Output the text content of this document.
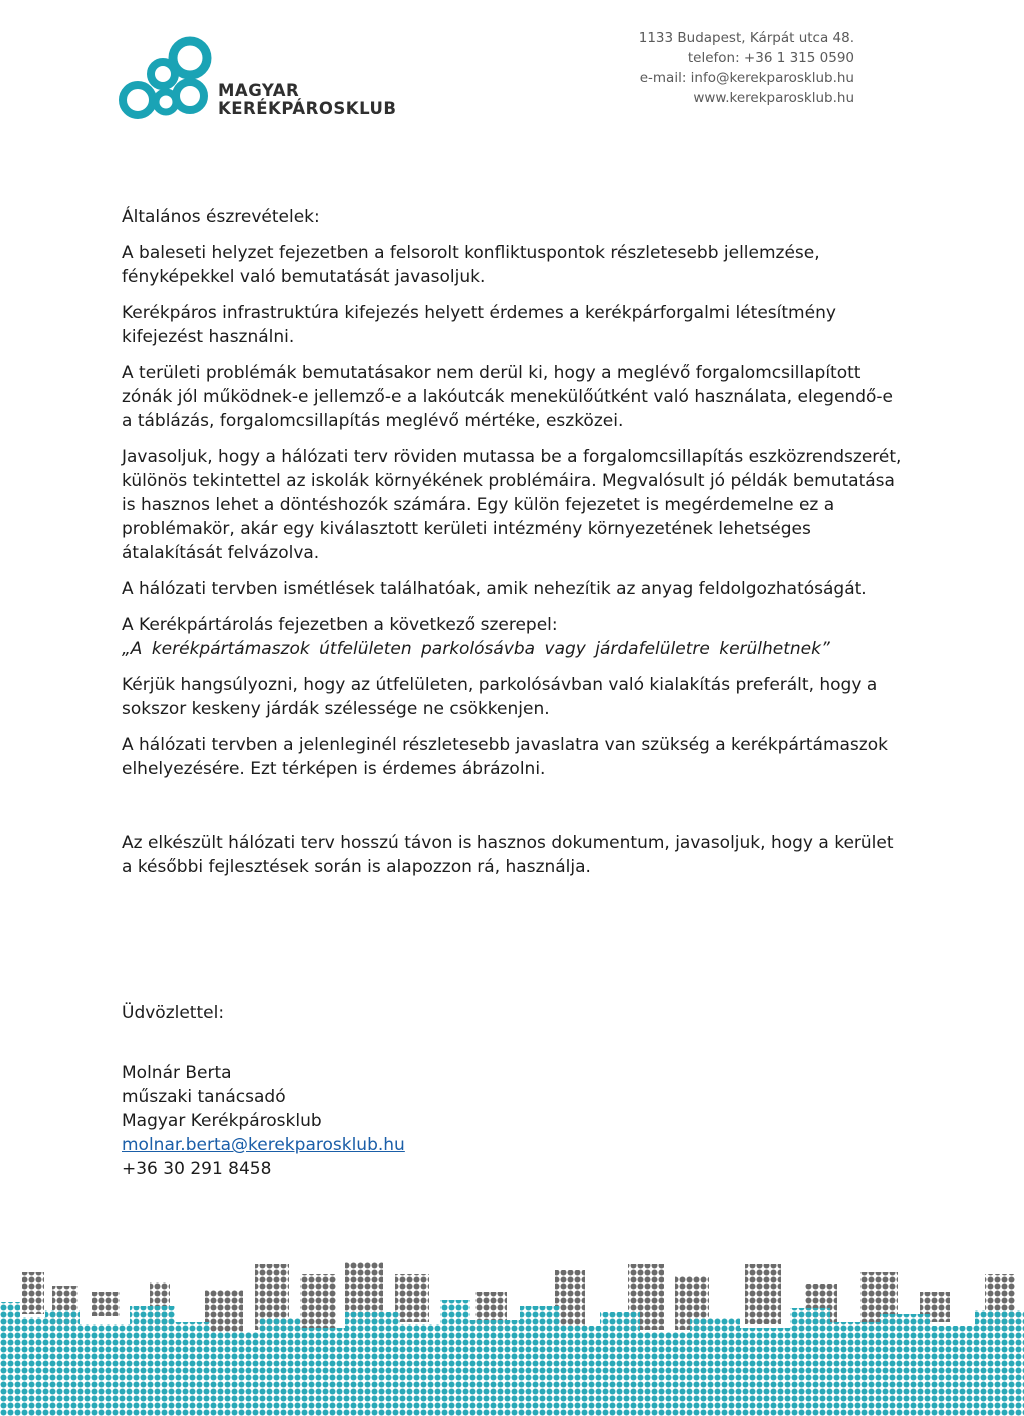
MAGYAR
KERÉKPÁROSKLUB
1133 Budapest, Kárpát utca 48.
telefon: +36 1 315 0590
e-mail: info@kerekparosklub.hu
www.kerekparosklub.hu

Általános észrevételek:

A baleseti helyzet fejezetben a felsorolt konfliktuspontok részletesebb jellemzése, fényképekkel való bemutatását javasoljuk.

Kerékpáros infrastruktúra kifejezés helyett érdemes a kerékpárforgalmi létesítmény kifejezést használni.

A területi problémák bemutatásakor nem derül ki, hogy a meglévő forgalomcsillapított zónák jól működnek-e jellemző-e a lakóutcák menekülőútként való használata, elegendő-e a táblázás, forgalomcsillapítás meglévő mértéke, eszközei.

Javasoljuk, hogy a hálózati terv röviden mutassa be a forgalomcsillapítás eszközrendszerét, különös tekintettel az iskolák környékének problémáira. Megvalósult jó példák bemutatása is hasznos lehet a döntéshozók számára. Egy külön fejezetet is megérdemelne ez a problémakör, akár egy kiválasztott kerületi intézmény környezetének lehetséges átalakítását felvázolva.

A hálózati tervben ismétlések találhatóak, amik nehezítik az anyag feldolgozhatóságát.

A Kerékpártárolás fejezetben a következő szerepel:

„A kerékpártámaszok útfelületen parkolósávba vagy járdafelületre kerülhetnek”

Kérjük hangsúlyozni, hogy az útfelületen, parkolósávban való kialakítás preferált, hogy a sokszor keskeny járdák szélessége ne csökkenjen.

A hálózati tervben a jelenleginél részletesebb javaslatra van szükség a kerékpártámaszok elhelyezésére. Ezt térképen is érdemes ábrázolni.

Az elkészült hálózati terv hosszú távon is hasznos dokumentum, javasoljuk, hogy a kerület a későbbi fejlesztések során is alapozzon rá, használja.

Üdvözlettel:

Molnár Berta

műszaki tanácsadó

Magyar Kerékpárosklub

molnar.berta@kerekparosklub.hu

+36 30 291 8458
